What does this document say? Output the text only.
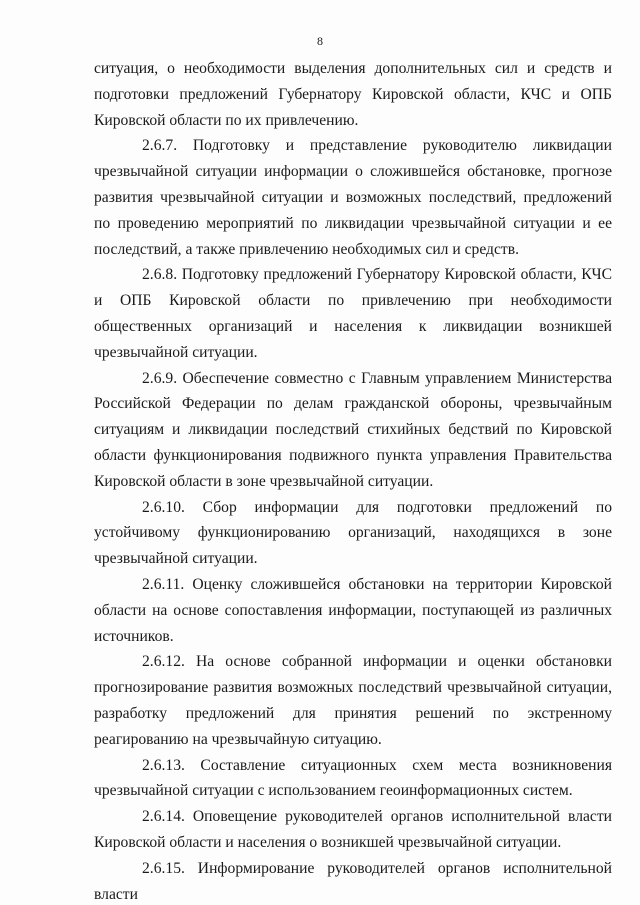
8

ситуация, о необходимости выделения дополнительных сил и средств и подготовки предложений Губернатору Кировской области, КЧС и ОПБ Кировской области по их привлечению.

2.6.7. Подготовку и представление руководителю ликвидации чрезвычайной ситуации информации о сложившейся обстановке, прогнозе развития чрезвычайной ситуации и возможных последствий, предложений по проведению мероприятий по ликвидации чрезвычайной ситуации и ее последствий, а также привлечению необходимых сил и средств.

2.6.8. Подготовку предложений Губернатору Кировской области, КЧС и ОПБ Кировской области по привлечению при необходимости общественных организаций и населения к ликвидации возникшей чрезвычайной ситуации.

2.6.9. Обеспечение совместно с Главным управлением Министерства Российской Федерации по делам гражданской обороны, чрезвычайным ситуациям и ликвидации последствий стихийных бедствий по Кировской области функционирования подвижного пункта управления Правительства Кировской области в зоне чрезвычайной ситуации.

2.6.10. Сбор информации для подготовки предложений по устойчивому функционированию организаций, находящихся в зоне чрезвычайной ситуации.

2.6.11. Оценку сложившейся обстановки на территории Кировской области на основе сопоставления информации, поступающей из различных источников.

2.6.12. На основе собранной информации и оценки обстановки прогнозирование развития возможных последствий чрезвычайной ситуации, разработку предложений для принятия решений по экстренному реагированию на чрезвычайную ситуацию.

2.6.13. Составление ситуационных схем места возникновения чрезвычайной ситуации с использованием геоинформационных систем.

2.6.14. Оповещение руководителей органов исполнительной власти Кировской области и населения о возникшей чрезвычайной ситуации.

2.6.15. Информирование руководителей органов исполнительной власти
